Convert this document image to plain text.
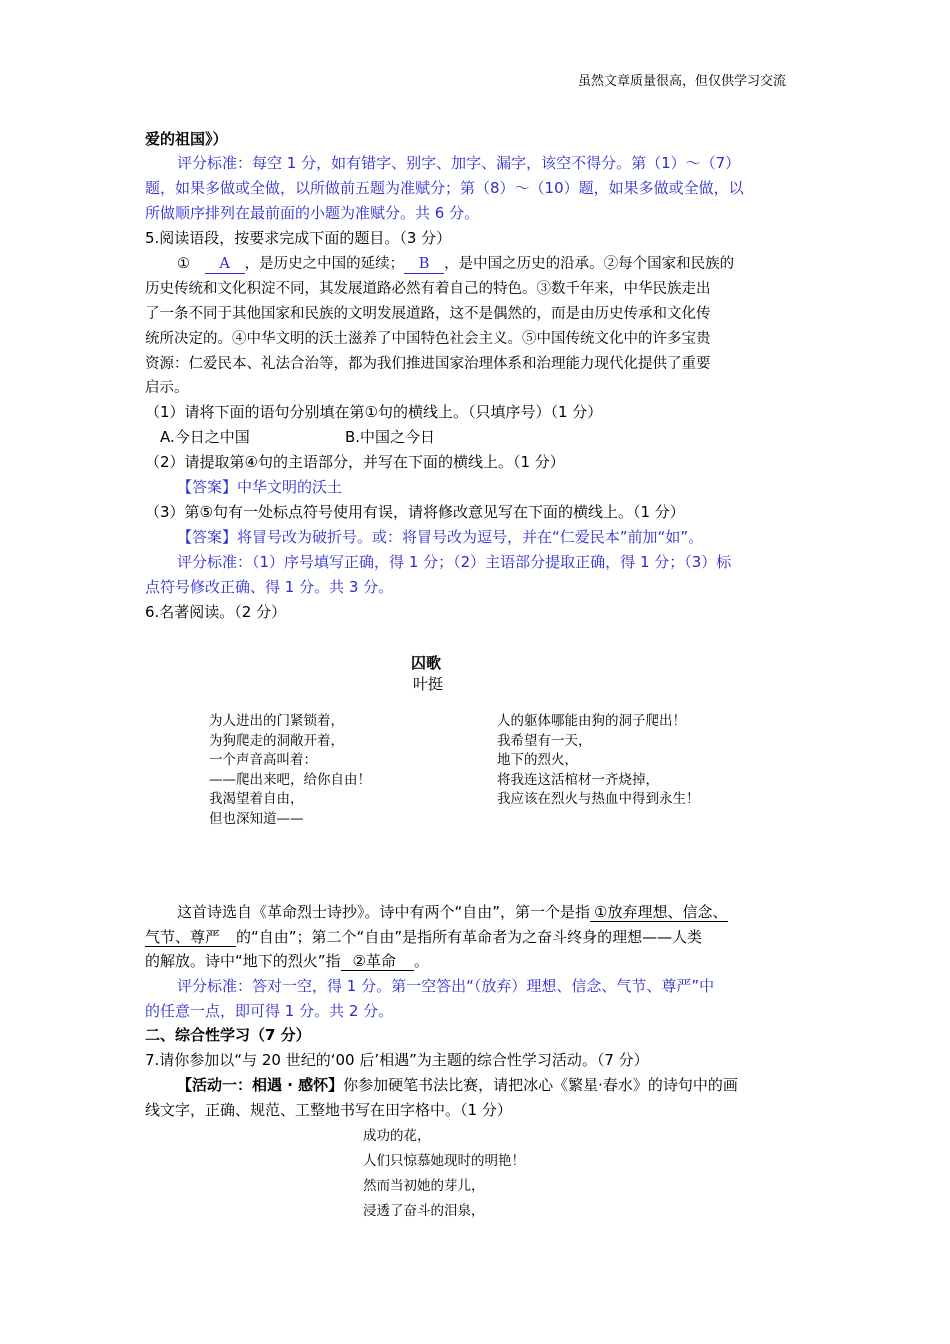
虽然文章质量很高，但仅供学习交流
爱的祖国》）
评分标准：每空 1 分，如有错字、别字、加字、漏字，该空不得分。第（1）～（7）
题，如果多做或全做，以所做前五题为准赋分；第（8）～（10）题，如果多做或全做，以
所做顺序排列在最前面的小题为准赋分。共 6 分。
5.阅读语段，按要求完成下面的题目。（3 分）
① A ，是历史之中国的延续； B ，是中国之历史的沿承。②每个国家和民族的
历史传统和文化积淀不同，其发展道路必然有着自己的特色。③数千年来，中华民族走出
了一条不同于其他国家和民族的文明发展道路，这不是偶然的，而是由历史传承和文化传
统所决定的。④中华文明的沃土滋养了中国特色社会主义。⑤中国传统文化中的许多宝贵
资源：仁爱民本、礼法合治等，都为我们推进国家治理体系和治理能力现代化提供了重要
启示。
（1）请将下面的语句分别填在第①句的横线上。（只填序号）（1 分）
A.今日之中国	B.中国之今日
（2）请提取第④句的主语部分，并写在下面的横线上。（1 分）
【答案】中华文明的沃土
（3）第⑤句有一处标点符号使用有误，请将修改意见写在下面的横线上。（1 分）
【答案】将冒号改为破折号。或：将冒号改为逗号，并在“仁爱民本”前加“如”。
评分标准：（1）序号填写正确，得 1 分；（2）主语部分提取正确，得 1 分；（3）标
点符号修改正确、得 1 分。共 3 分。
6.名著阅读。（2 分）
囚歌
叶挺
为人进出的门紧锁着，
为狗爬走的洞敞开着，
一个声音高叫着：
——爬出来吧，给你自由！
我渴望着自由，
但也深知道——
人的躯体哪能由狗的洞子爬出！
我希望有一天，
地下的烈火，
将我连这活棺材一齐烧掉，
我应该在烈火与热血中得到永生！
这首诗选自《革命烈士诗抄》。诗中有两个“自由”，第一个是指 ①放弃理想、信念、
气节、尊严 的“自由”；第二个“自由”是指所有革命者为之奋斗终身的理想——人类
的解放。诗中“地下的烈火”指 ②革命 。
评分标准：答对一空，得 1 分。第一空答出“（放弃）理想、信念、气节、尊严”中
的任意一点，即可得 1 分。共 2 分。
二、综合性学习（7 分）
7.请你参加以“与 20 世纪的‘00 后’相遇”为主题的综合性学习活动。（7 分）
【活动一：相遇 · 感怀】你参加硬笔书法比赛，请把冰心《繁星·春水》的诗句中的画
线文字，正确、规范、工整地书写在田字格中。（1 分）
成功的花，
人们只惊慕她现时的明艳！
然而当初她的芽儿，
浸透了奋斗的泪泉，
